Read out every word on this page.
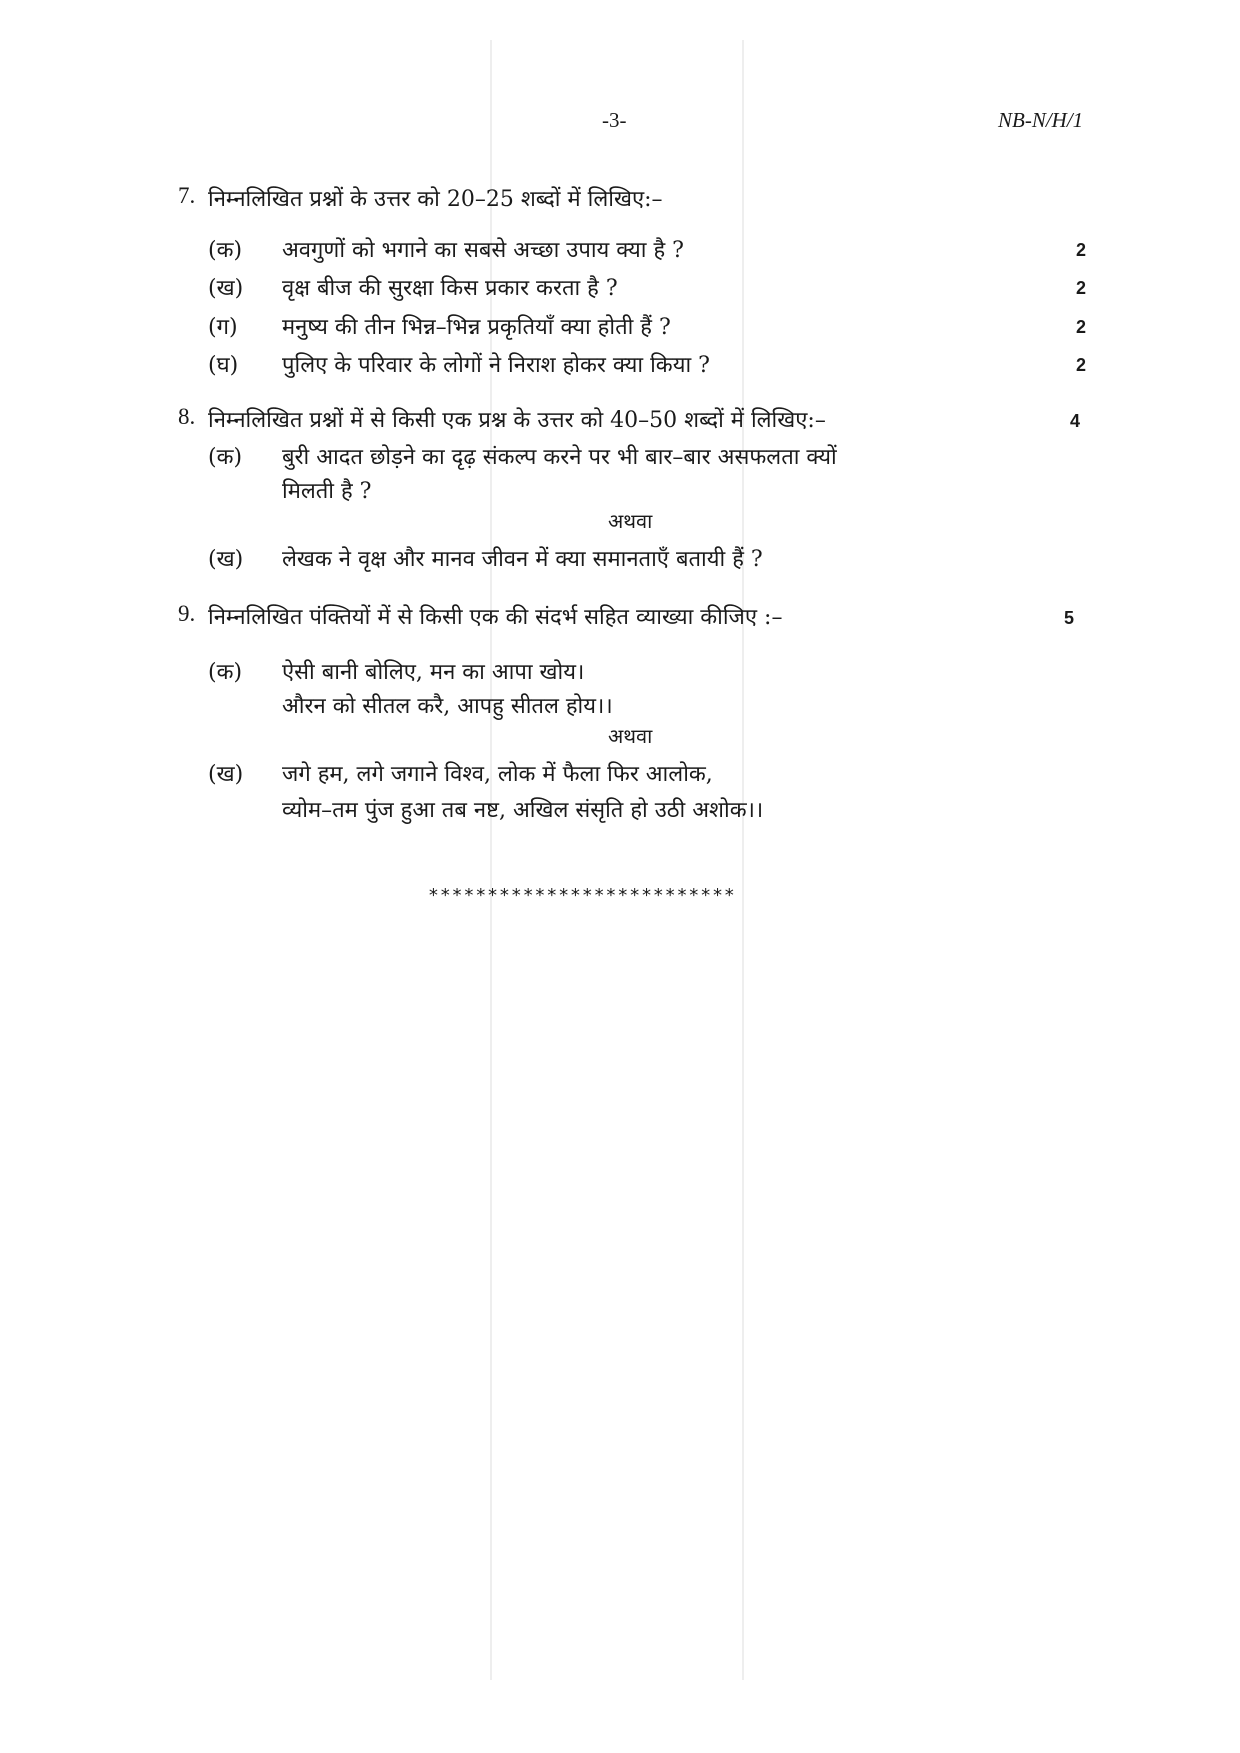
-3-	NB-N/H/1
7. निम्नलिखित प्रश्नों के उत्तर को 20–25 शब्दों में लिखिए:–
(क) अवगुणों को भगाने का सबसे अच्छा उपाय क्या है ?	2
(ख) वृक्ष बीज की सुरक्षा किस प्रकार करता है ?	2
(ग) मनुष्य की तीन भिन्न–भिन्न प्रकृतियाँ क्या होती हैं ?	2
(घ) पुलिए के परिवार के लोगों ने निराश होकर क्या किया ?	2
8. निम्नलिखित प्रश्नों में से किसी एक प्रश्न के उत्तर को 40–50 शब्दों में लिखिए:–	4
(क) बुरी आदत छोड़ने का दृढ़ संकल्प करने पर भी बार–बार असफलता क्यों
मिलती है ?
अथवा
(ख) लेखक ने वृक्ष और मानव जीवन में क्या समानताएँ बतायी हैं ?
9. निम्नलिखित पंक्तियों में से किसी एक की संदर्भ सहित व्याख्या कीजिए :–	5
(क) ऐसी बानी बोलिए, मन का आपा खोय।
औरन को सीतल करै, आपहु सीतल होय।।
अथवा
(ख) जगे हम, लगे जगाने विश्व, लोक में फैला फिर आलोक,
व्योम–तम पुंज हुआ तब नष्ट, अखिल संसृति हो उठी अशोक।।
**************************
